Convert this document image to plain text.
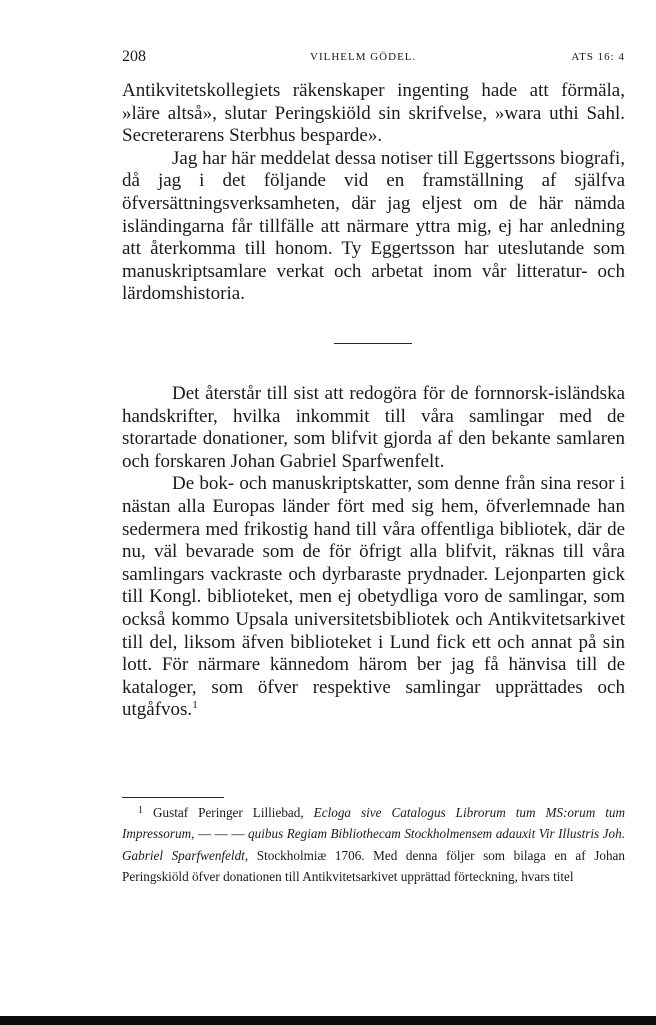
208	VILHELM GÖDEL.	ATS 16: 4

Antikvitetskollegiets räkenskaper ingenting hade att förmäla, »läre altså», slutar Peringskiöld sin skrifvelse, »wara uthi Sahl. Secreterarens Sterbhus besparde».

Jag har här meddelat dessa notiser till Eggertssons biografi, då jag i det följande vid en framställning af själfva öfversättningsverksamheten, där jag eljest om de här nämda isländingarna får tillfälle att närmare yttra mig, ej har anledning att återkomma till honom. Ty Eggertsson har uteslutande som manuskriptsamlare verkat och arbetat inom vår litteratur- och lärdomshistoria.

Det återstår till sist att redogöra för de fornnorsk-isländska handskrifter, hvilka inkommit till våra samlingar med de storartade donationer, som blifvit gjorda af den bekante samlaren och forskaren Johan Gabriel Sparfwenfelt.

De bok- och manuskriptskatter, som denne från sina resor i nästan alla Europas länder fört med sig hem, öfverlemnade han sedermera med frikostig hand till våra offentliga bibliotek, där de nu, väl bevarade som de för öfrigt alla blifvit, räknas till våra samlingars vackraste och dyrbaraste prydnader. Lejonparten gick till Kongl. biblioteket, men ej obetydliga voro de samlingar, som också kommo Upsala universitetsbibliotek och Antikvitetsarkivet till del, liksom äfven biblioteket i Lund fick ett och annat på sin lott. För närmare kännedom härom ber jag få hänvisa till de kataloger, som öfver respektive samlingar upprättades och utgåfvos.$^1$

$^1$ Gustaf Peringer Lilliebad, Ecloga sive Catalogus Librorum tum MS:orum tum Impressorum, — — — quibus Regiam Bibliothecam Stockholmensem adauxit Vir Illustris Joh. Gabriel Sparfwenfeldt, Stockholmiæ 1706. Med denna följer som bilaga en af Johan Peringskiöld öfver donationen till Antikvitetsarkivet upprättad förteckning, hvars titel
